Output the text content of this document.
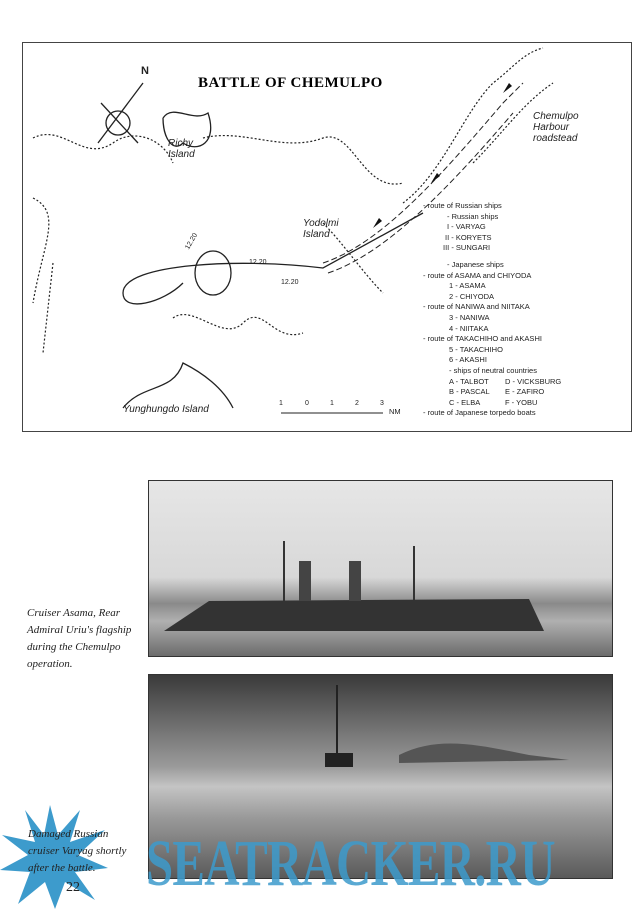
BATTLE OF CHEMULPO
N
Richy Island
Yodolmi Island
Chemulpo Harbour roadstead
Yunghungdo Island
12.20
12.20
12.20
1	0	1	2	3
NM
- route of Russian ships
- Russian ships
I - VARYAG
II - KORYETS
III - SUNGARI
- Japanese ships
- route of ASAMA and CHIYODA
1 - ASAMA
2 - CHIYODA
- route of NANIWA and NIITAKA
3 - NANIWA
4 - NIITAKA
- route of TAKACHIHO and AKASHI
5 - TAKACHIHO
6 - AKASHI
- ships of neutral countries
A - TALBOT D - VICKSBURG
B - PASCAL E - ZAFIRO
C - ELBA	F - YOBU
- route of Japanese torpedo boats
Cruiser Asama, Rear Admiral Uriu's flagship during the Chemulpo operation.
Damaged Russian cruiser Varyag shortly after the battle.
22 SEATRACKER.RU
